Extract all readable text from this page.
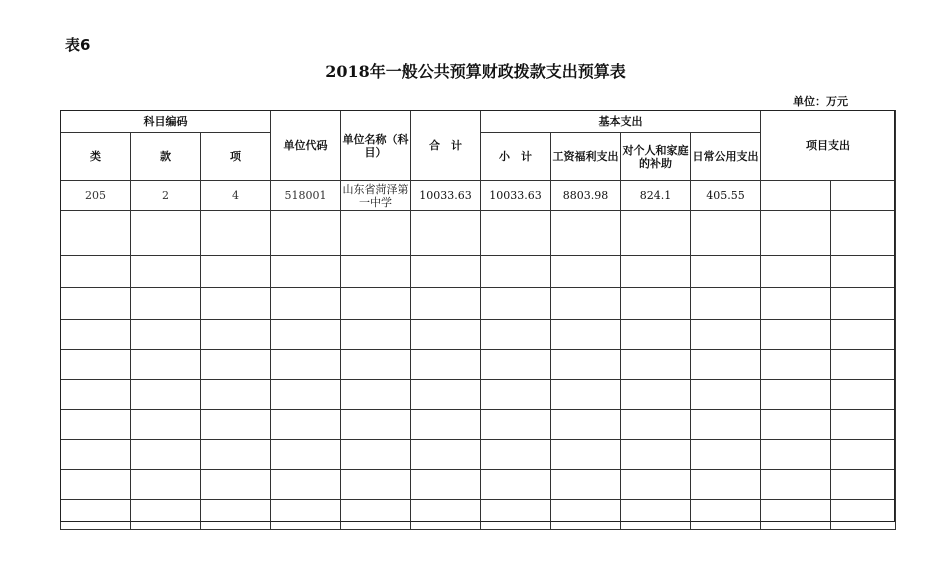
表6
2018年一般公共预算财政拨款支出预算表
单位：万元
科目编码			单位代码	单位名称（科目）	合　计	基本支出				项目支出	
类	款	项				小　计	工资福利支出	对个人和家庭的补助	日常公用支出		
205	2	4	518001	山东省菏泽第一中学	10033.63	10033.63	8803.98	824.1	405.55		
